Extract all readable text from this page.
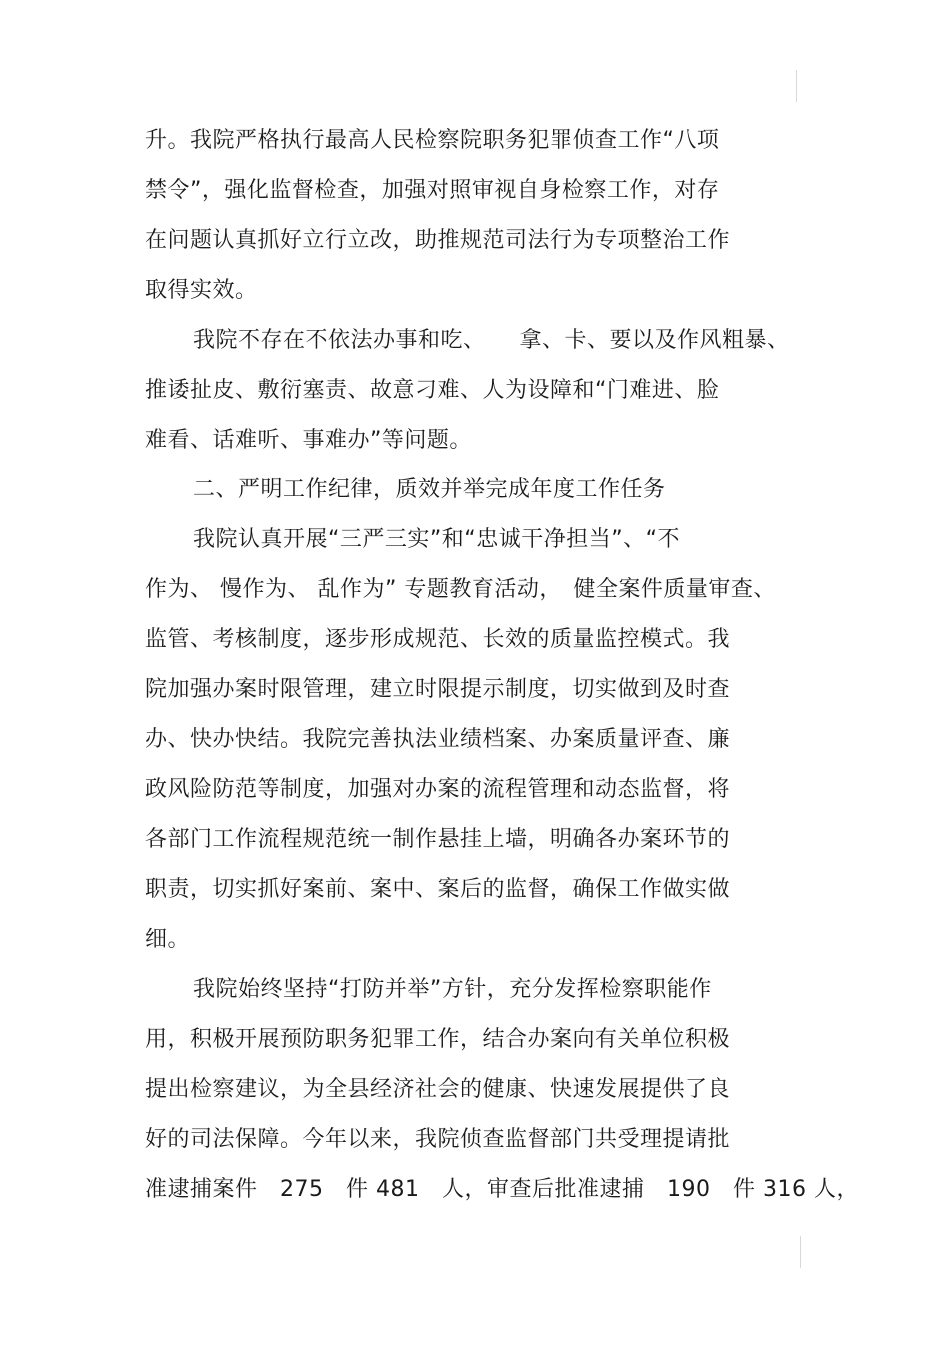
升。我院严格执行最高人民检察院职务犯罪侦查工作“八项
禁令”，强化监督检查，加强对照审视自身检察工作，对存
在问题认真抓好立行立改，助推规范司法行为专项整治工作
取得实效。
我院不存在不依法办事和吃、　　拿、卡、要以及作风粗暴、
推诿扯皮、敷衍塞责、故意刁难、人为设障和“门难进、脸
难看、话难听、事难办”等问题。
二、严明工作纪律，质效并举完成年度工作任务
我院认真开展“三严三实”和“忠诚干净担当”、“不
作为、 慢作为、 乱作为” 专题教育活动，　健全案件质量审查、
监管、考核制度，逐步形成规范、长效的质量监控模式。我
院加强办案时限管理，建立时限提示制度，切实做到及时查
办、快办快结。我院完善执法业绩档案、办案质量评查、廉
政风险防范等制度，加强对办案的流程管理和动态监督，将
各部门工作流程规范统一制作悬挂上墙，明确各办案环节的
职责，切实抓好案前、案中、案后的监督，确保工作做实做
细。
我院始终坚持“打防并举”方针，充分发挥检察职能作
用，积极开展预防职务犯罪工作，结合办案向有关单位积极
提出检察建议，为全县经济社会的健康、快速发展提供了良
好的司法保障。今年以来，我院侦查监督部门共受理提请批
准逮捕案件　275　件 481　人，审查后批准逮捕　190　件 316 人，
